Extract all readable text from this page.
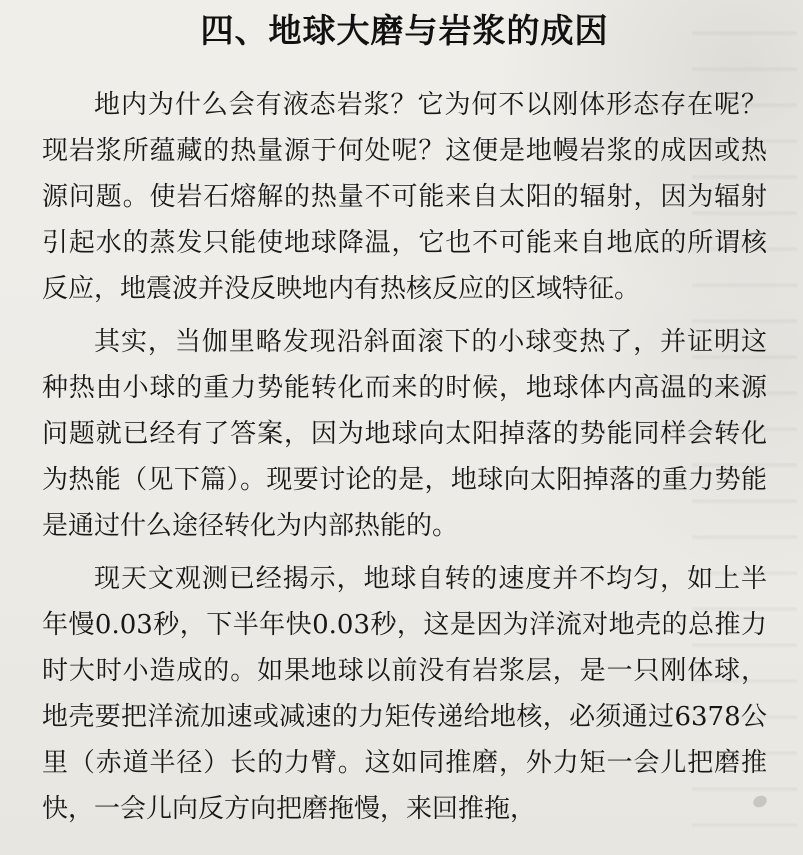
四、地球大磨与岩浆的成因

地内为什么会有液态岩浆？它为何不以刚体形态存在呢？现岩浆所蕴藏的热量源于何处呢？这便是地幔岩浆的成因或热源问题。使岩石熔解的热量不可能来自太阳的辐射，因为辐射引起水的蒸发只能使地球降温，它也不可能来自地底的所谓核反应，地震波并没反映地内有热核反应的区域特征。

其实，当伽里略发现沿斜面滚下的小球变热了，并证明这种热由小球的重力势能转化而来的时候，地球体内高温的来源问题就已经有了答案，因为地球向太阳掉落的势能同样会转化为热能（见下篇）。现要讨论的是，地球向太阳掉落的重力势能是通过什么途径转化为内部热能的。

现天文观测已经揭示，地球自转的速度并不均匀，如上半年慢0.03秒，下半年快0.03秒，这是因为洋流对地壳的总推力时大时小造成的。如果地球以前没有岩浆层，是一只刚体球，地壳要把洋流加速或减速的力矩传递给地核，必须通过6378公里（赤道半径）长的力臂。这如同推磨，外力矩一会儿把磨推快，一会儿向反方向把磨拖慢，来回推拖，
